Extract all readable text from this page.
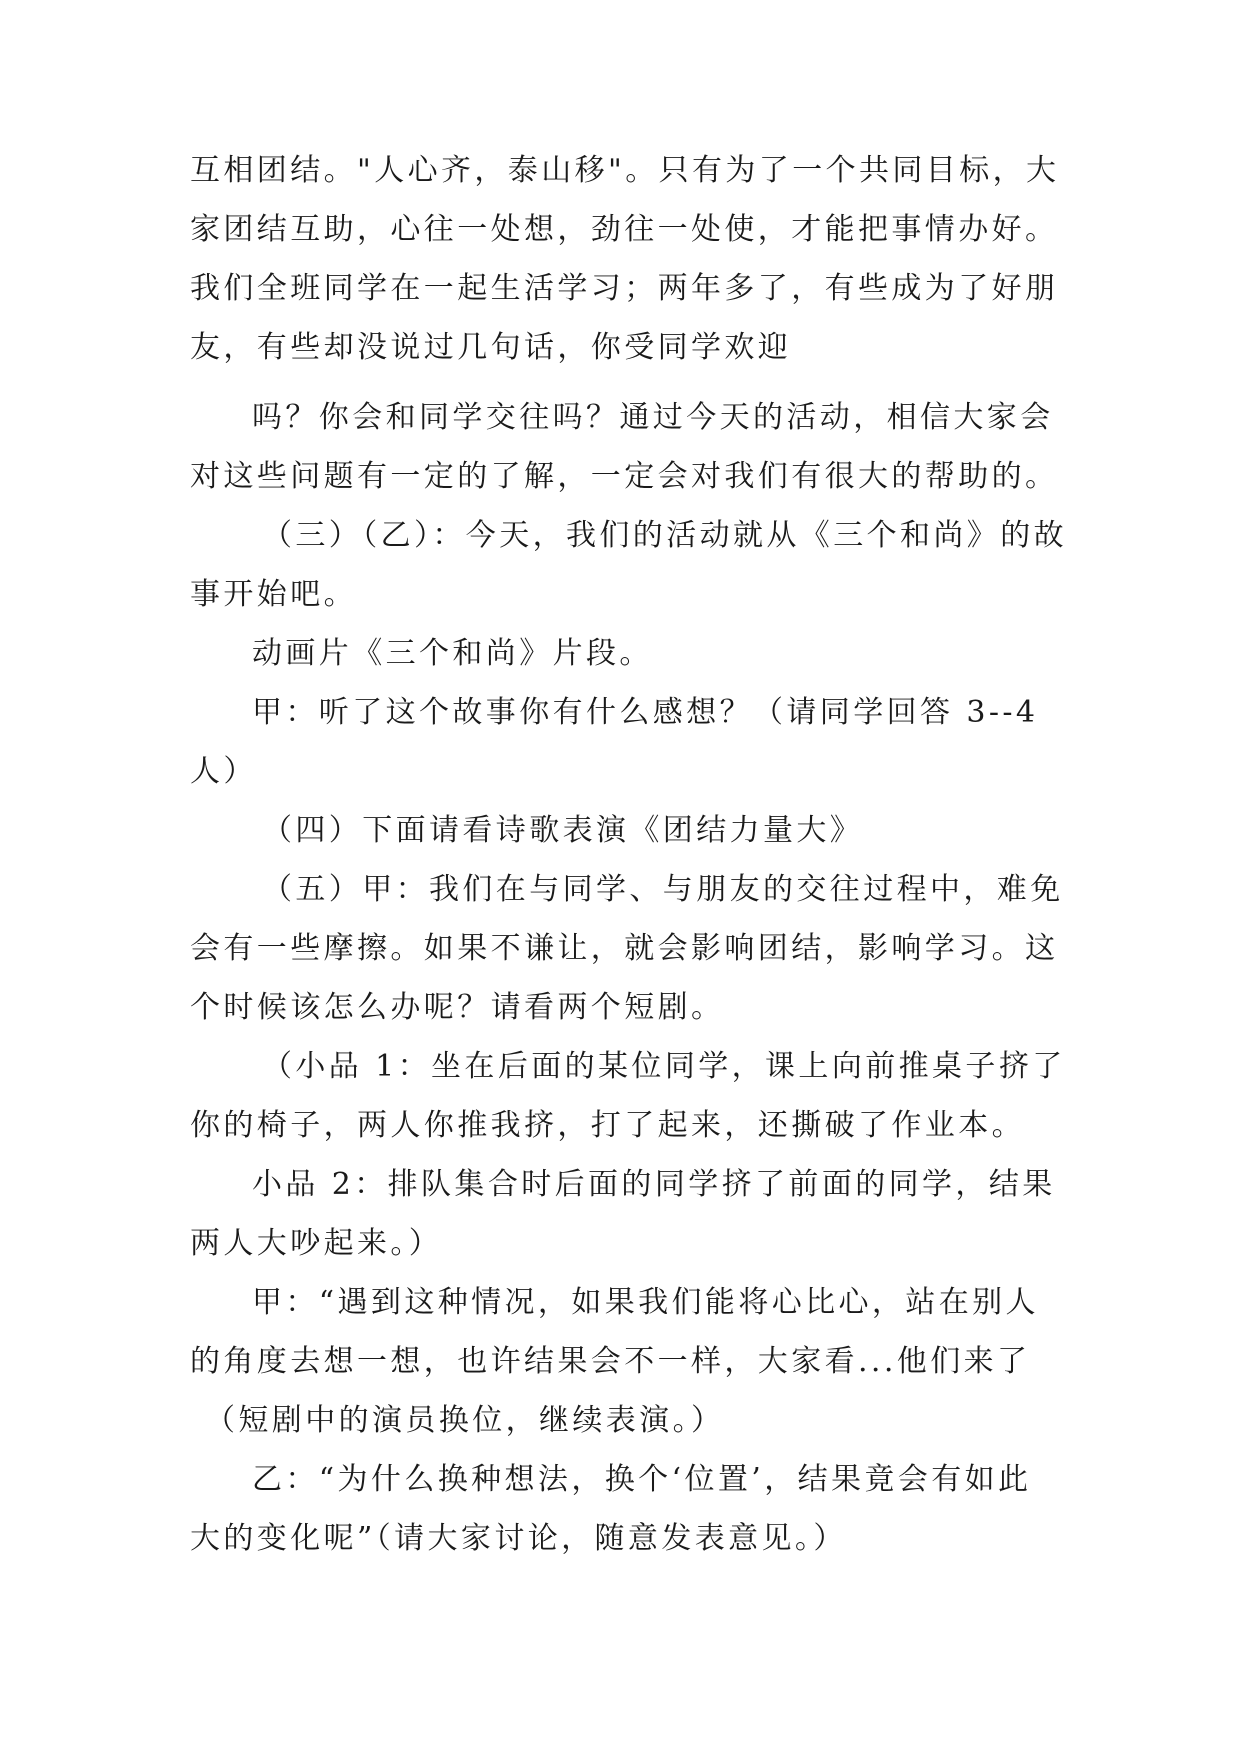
互相团结。"人心齐，泰山移"。只有为了一个共同目标，大

家团结互助，心往一处想，劲往一处使，才能把事情办好。

我们全班同学在一起生活学习；两年多了，有些成为了好朋

友，有些却没说过几句话，你受同学欢迎

吗？你会和同学交往吗？通过今天的活动，相信大家会

对这些问题有一定的了解，一定会对我们有很大的帮助的。

（三）（乙）：今天，我们的活动就从《三个和尚》的故

事开始吧。

动画片《三个和尚》片段。

甲：听了这个故事你有什么感想？（请同学回答 3--4

人）

（四）下面请看诗歌表演《团结力量大》

（五）甲：我们在与同学、与朋友的交往过程中，难免

会有一些摩擦。如果不谦让，就会影响团结，影响学习。这

个时候该怎么办呢？请看两个短剧。

（小品 1：坐在后面的某位同学，课上向前推桌子挤了

你的椅子，两人你推我挤，打了起来，还撕破了作业本。

小品 2：排队集合时后面的同学挤了前面的同学，结果

两人大吵起来。）

甲：“遇到这种情况，如果我们能将心比心，站在别人

的角度去想一想，也许结果会不一样，大家看...他们来了

（短剧中的演员换位，继续表演。）

乙：“为什么换种想法，换个‘位置’，结果竟会有如此

大的变化呢”（请大家讨论，随意发表意见。）
